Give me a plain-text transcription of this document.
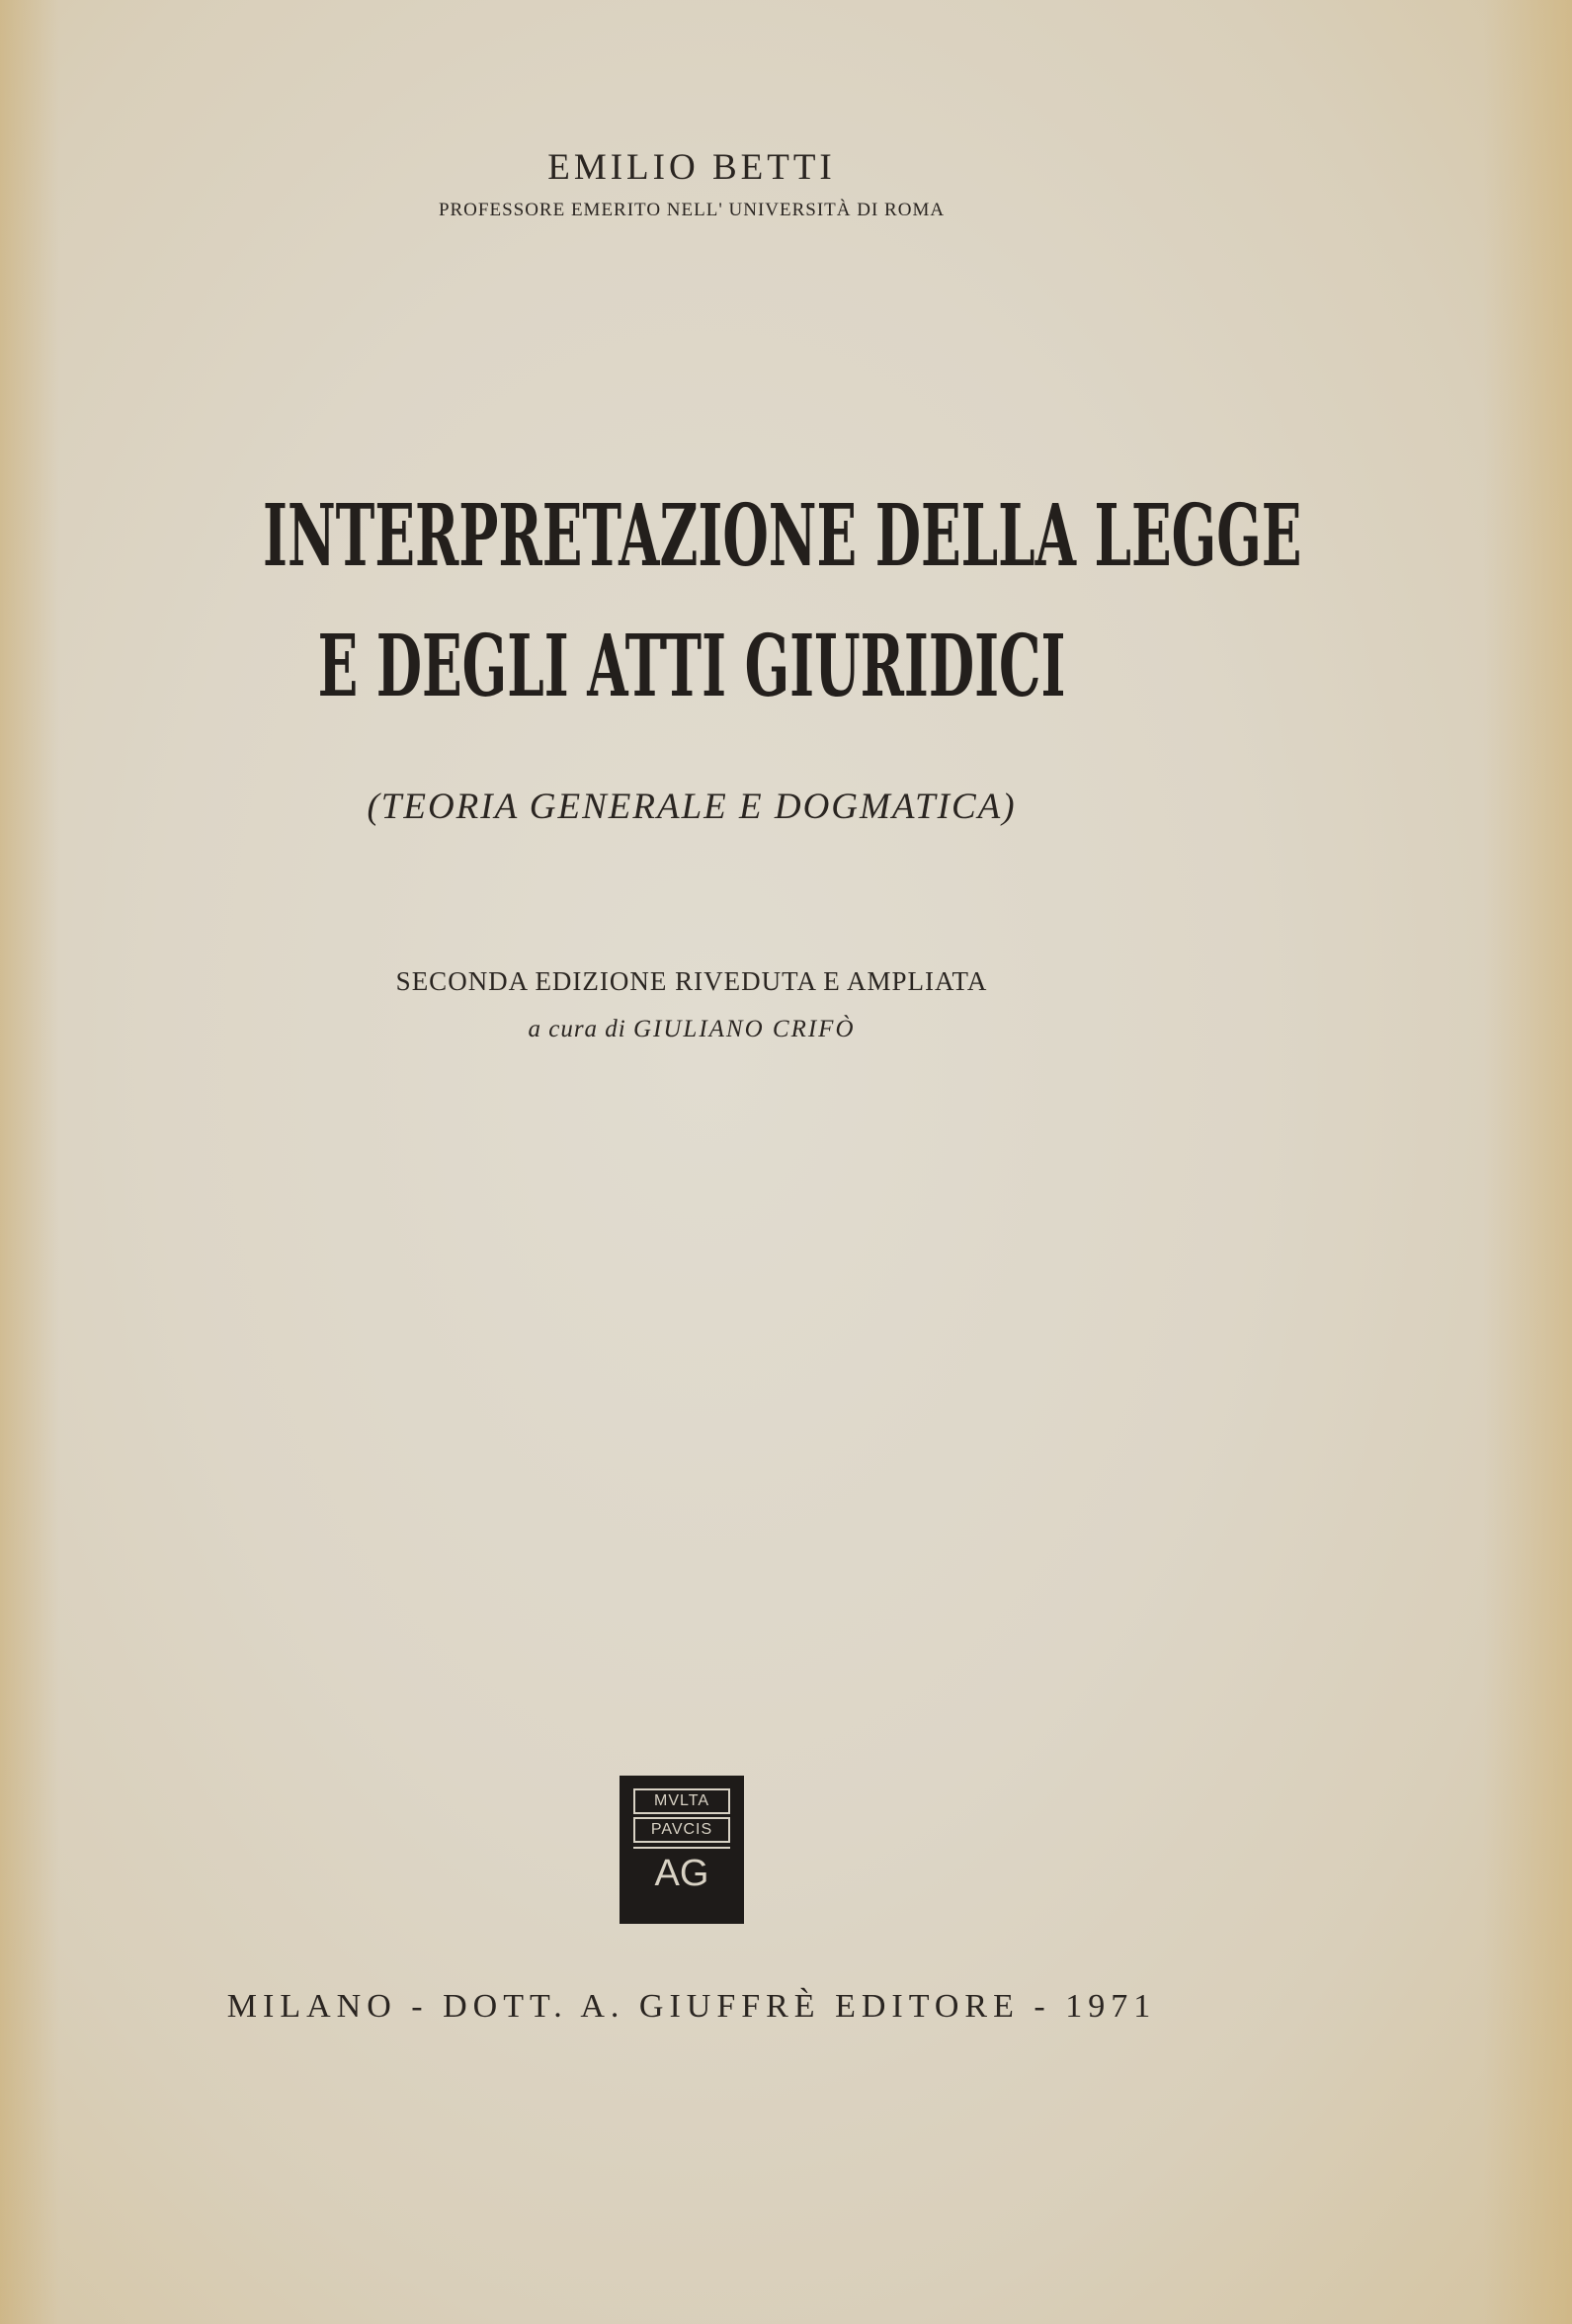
EMILIO BETTI
PROFESSORE EMERITO NELL' UNIVERSITÀ DI ROMA
INTERPRETAZIONE DELLA LEGGE
E DEGLI ATTI GIURIDICI
(TEORIA GENERALE E DOGMATICA)
SECONDA EDIZIONE RIVEDUTA E AMPLIATA
a cura di GIULIANO CRIFÒ
MVLTA
PAVCIS
AG
MILANO - DOTT. A. GIUFFRÈ EDITORE - 1971
